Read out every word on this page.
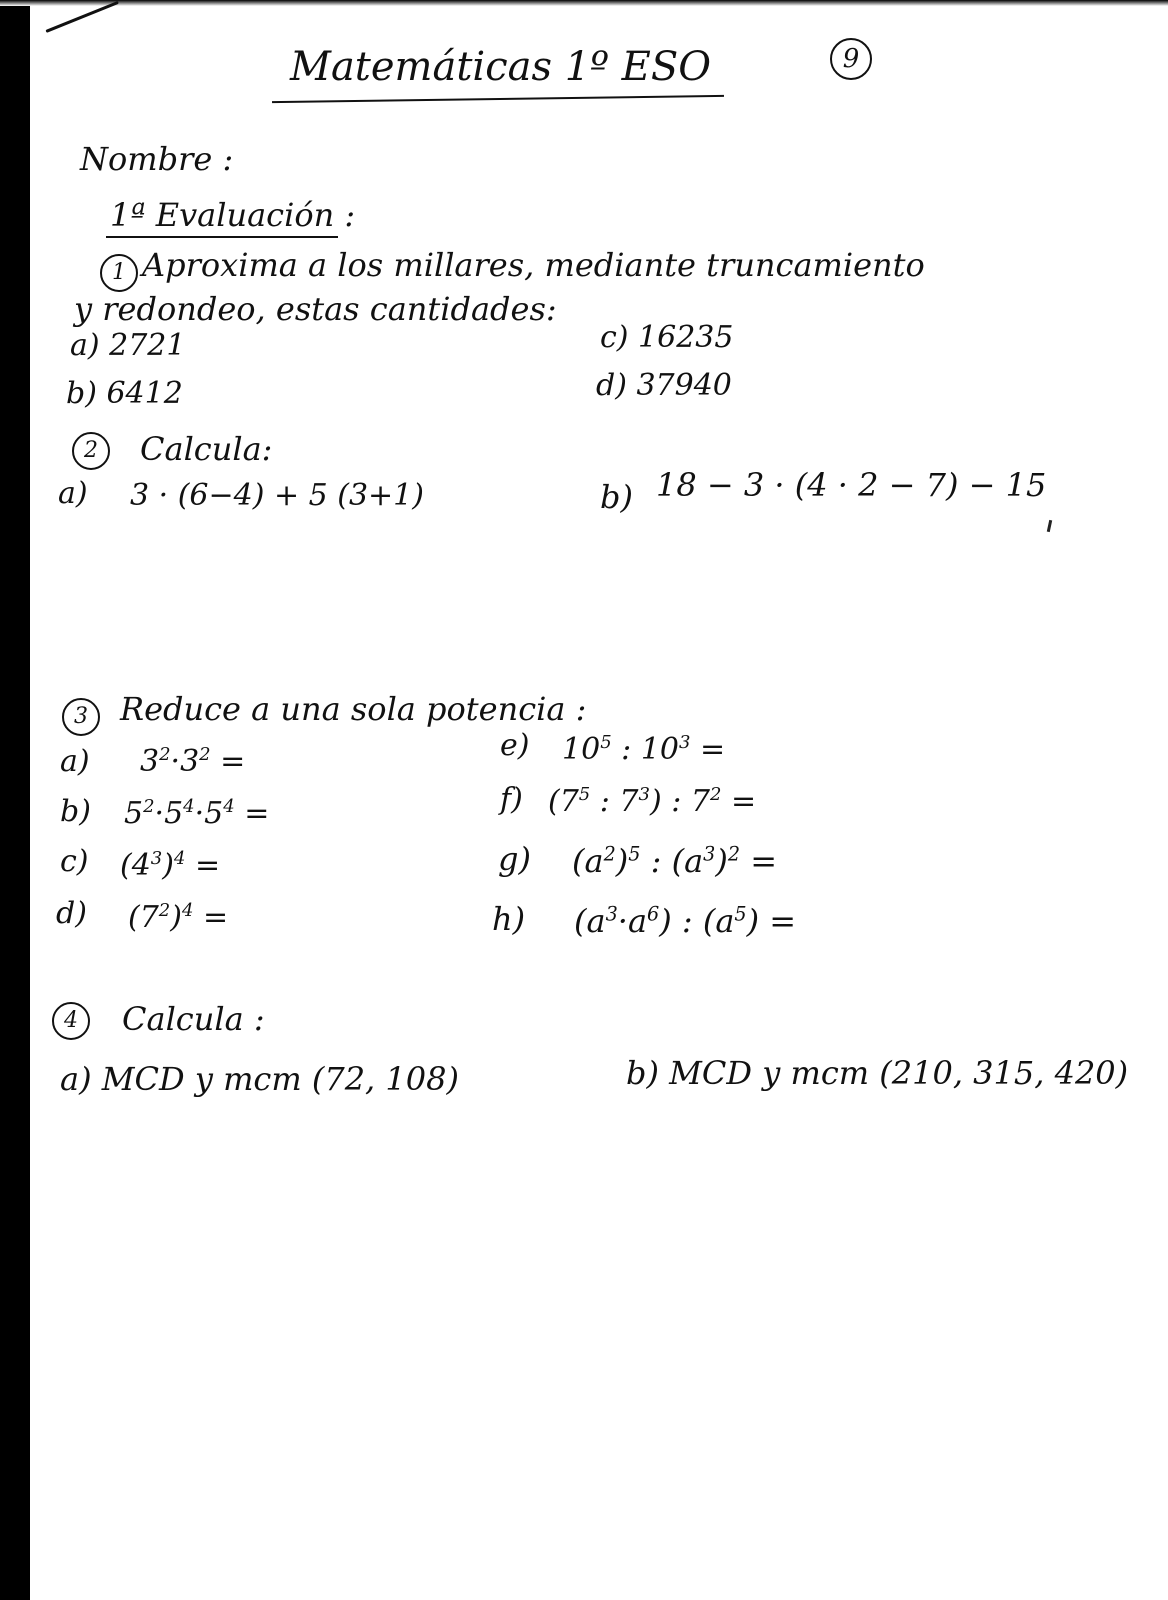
Matemáticas 1º ESO	9
Nombre :
1ª Evaluación :
1 Aproxima a los millares, mediante truncamiento
y redondeo, estas cantidades:
a) 2721
b) 6412
c) 16235
d) 37940
2	Calcula:
a) 3 · (6−4) + 5 (3+1)	b) 18 − 3 · (4 · 2 − 7) − 15
3	Reduce a una sola potencia :
a) $3^2\cdot 3^2$ =
b) $5^2\cdot 5^4\cdot 5^4$ =
c) $(4^3)^4$ =
d) $(7^2)^4$ =
e) $10^5$ : $10^3$ =
f) ($7^5$ : $7^3$) : $7^2$ =
g) $(a^2)^5$ : $(a^3)^2$ =
h) $(a^3\cdot a^6)$ : $(a^5)$ =
4	Calcula :
a) MCD y mcm (72, 108)	b) MCD y mcm (210, 315, 420)
